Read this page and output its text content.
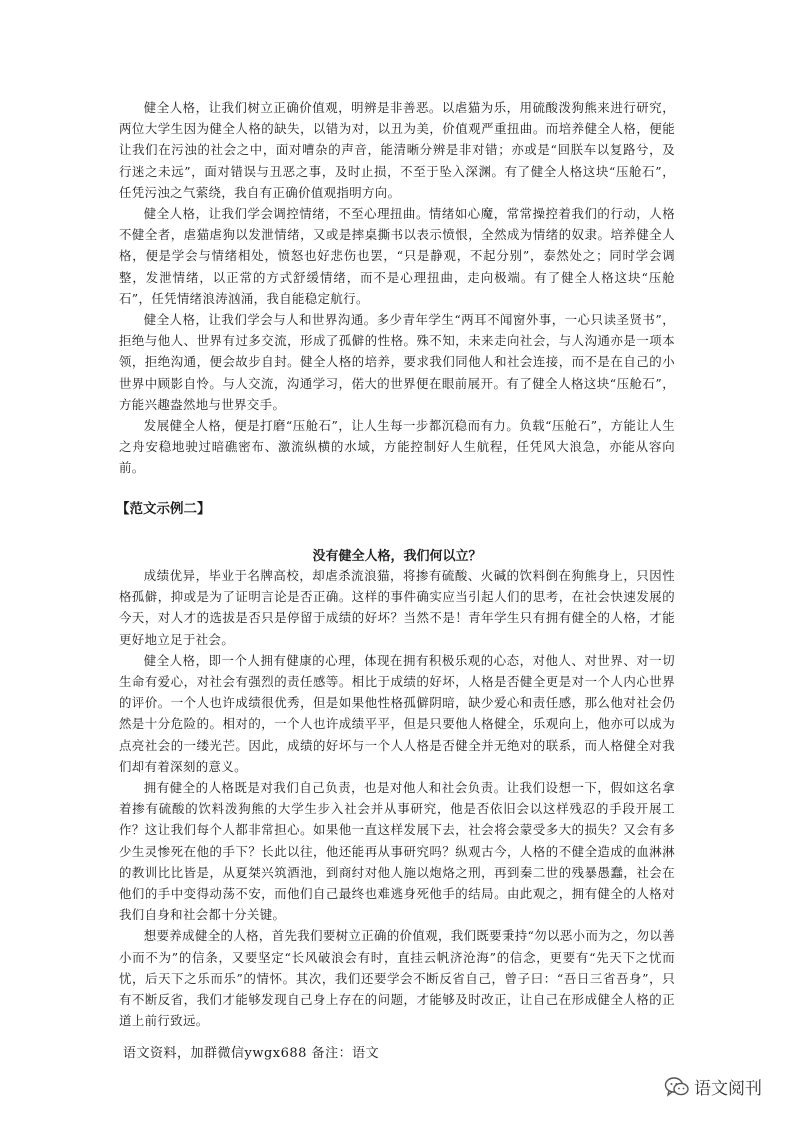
健全人格，让我们树立正确价值观，明辨是非善恶。以虐猫为乐，用硫酸泼狗熊来进行研究，两位大学生因为健全人格的缺失，以错为对，以丑为美，价值观严重扭曲。而培养健全人格，便能让我们在污浊的社会之中，面对嘈杂的声音，能清晰分辨是非对错；亦或是“回朕车以复路兮，及行迷之未远”，面对错误与丑恶之事，及时止损，不至于坠入深渊。有了健全人格这块“压舱石”，任凭污浊之气萦绕，我自有正确价值观指明方向。

健全人格，让我们学会调控情绪，不至心理扭曲。情绪如心魔，常常操控着我们的行动，人格不健全者，虐猫虐狗以发泄情绪，又或是摔桌撕书以表示愤恨，全然成为情绪的奴隶。培养健全人格，便是学会与情绪相处，愤怒也好悲伤也罢，“只是静观，不起分别”，泰然处之；同时学会调整，发泄情绪，以正常的方式舒缓情绪，而不是心理扭曲，走向极端。有了健全人格这块“压舱石”，任凭情绪浪涛汹涌，我自能稳定航行。

健全人格，让我们学会与人和世界沟通。多少青年学生“两耳不闻窗外事，一心只读圣贤书”，拒绝与他人、世界有过多交流，形成了孤僻的性格。殊不知，未来走向社会，与人沟通亦是一项本领，拒绝沟通，便会故步自封。健全人格的培养，要求我们同他人和社会连接，而不是在自己的小世界中顾影自怜。与人交流，沟通学习，偌大的世界便在眼前展开。有了健全人格这块“压舱石”，方能兴趣盎然地与世界交手。

发展健全人格，便是打磨“压舱石”，让人生每一步都沉稳而有力。负载“压舱石”，方能让人生之舟安稳地驶过暗礁密布、激流纵横的水域，方能控制好人生航程，任凭风大浪急，亦能从容向前。

【范文示例二】
没有健全人格，我们何以立？

成绩优异，毕业于名牌高校，却虐杀流浪猫，将掺有硫酸、火碱的饮料倒在狗熊身上，只因性格孤僻，抑或是为了证明言论是否正确。这样的事件确实应当引起人们的思考，在社会快速发展的今天，对人才的选拔是否只是停留于成绩的好坏？当然不是！青年学生只有拥有健全的人格，才能更好地立足于社会。

健全人格，即一个人拥有健康的心理，体现在拥有积极乐观的心态，对他人、对世界、对一切生命有爱心，对社会有强烈的责任感等。相比于成绩的好坏，人格是否健全更是对一个人内心世界的评价。一个人也许成绩很优秀，但是如果他性格孤僻阴暗，缺少爱心和责任感，那么他对社会仍然是十分危险的。相对的，一个人也许成绩平平，但是只要他人格健全，乐观向上，他亦可以成为点亮社会的一缕光芒。因此，成绩的好坏与一个人人格是否健全并无绝对的联系，而人格健全对我们却有着深刻的意义。

拥有健全的人格既是对我们自己负责，也是对他人和社会负责。让我们设想一下，假如这名拿着掺有硫酸的饮料泼狗熊的大学生步入社会并从事研究，他是否依旧会以这样残忍的手段开展工作？这让我们每个人都非常担心。如果他一直这样发展下去，社会将会蒙受多大的损失？又会有多少生灵惨死在他的手下？长此以往，他还能再从事研究吗？纵观古今，人格的不健全造成的血淋淋的教训比比皆是，从夏桀兴筑酒池，到商纣对他人施以炮烙之刑，再到秦二世的残暴愚蠢，社会在他们的手中变得动荡不安，而他们自己最终也难逃身死他手的结局。由此观之，拥有健全的人格对我们自身和社会都十分关键。

想要养成健全的人格，首先我们要树立正确的价值观，我们既要秉持“勿以恶小而为之，勿以善小而不为”的信条，又要坚定“长风破浪会有时，直挂云帆济沧海”的信念，更要有“先天下之忧而忧，后天下之乐而乐”的情怀。其次，我们还要学会不断反省自己，曾子曰：“吾日三省吾身”，只有不断反省，我们才能够发现自己身上存在的问题，才能够及时改正，让自己在形成健全人格的正道上前行致远。

语文资料，加群微信ywgx688 备注：语文
语文阅刊
